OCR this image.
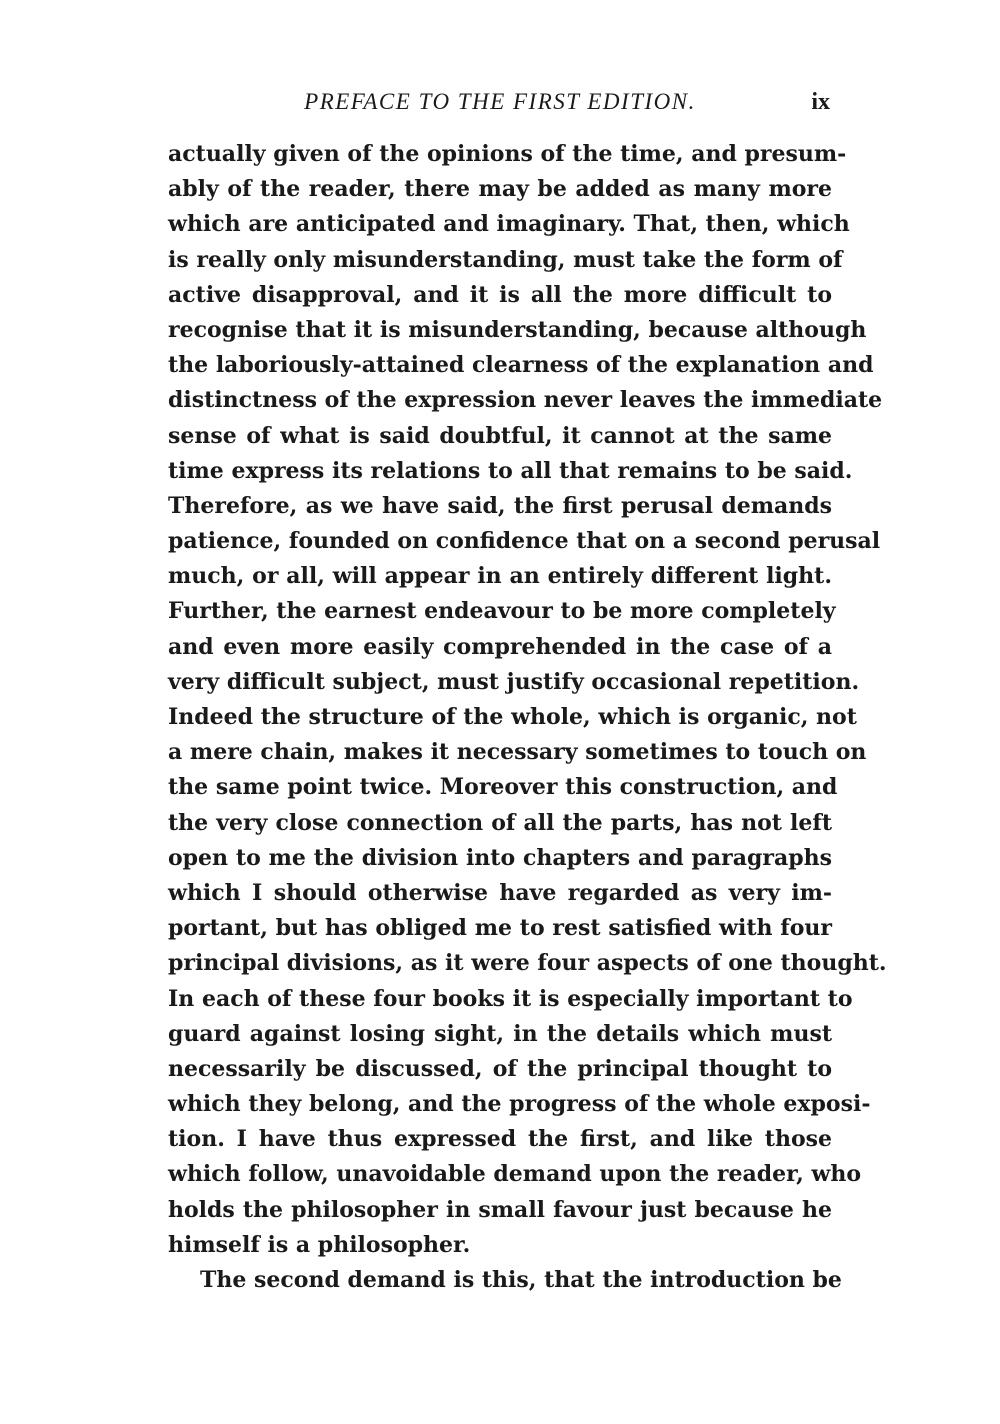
PREFACE TO THE FIRST EDITION.	ix
actually given of the opinions of the time, and presum-
ably of the reader, there may be added as many more
which are anticipated and imaginary. That, then, which
is really only misunderstanding, must take the form of
active disapproval, and it is all the more difficult to
recognise that it is misunderstanding, because although
the laboriously-attained clearness of the explanation and
distinctness of the expression never leaves the immediate
sense of what is said doubtful, it cannot at the same
time express its relations to all that remains to be said.
Therefore, as we have said, the first perusal demands
patience, founded on confidence that on a second perusal
much, or all, will appear in an entirely different light.
Further, the earnest endeavour to be more completely
and even more easily comprehended in the case of a
very difficult subject, must justify occasional repetition.
Indeed the structure of the whole, which is organic, not
a mere chain, makes it necessary sometimes to touch on
the same point twice. Moreover this construction, and
the very close connection of all the parts, has not left
open to me the division into chapters and paragraphs
which I should otherwise have regarded as very im-
portant, but has obliged me to rest satisfied with four
principal divisions, as it were four aspects of one thought.
In each of these four books it is especially important to
guard against losing sight, in the details which must
necessarily be discussed, of the principal thought to
which they belong, and the progress of the whole exposi-
tion. I have thus expressed the first, and like those
which follow, unavoidable demand upon the reader, who
holds the philosopher in small favour just because he
himself is a philosopher.
The second demand is this, that the introduction be
